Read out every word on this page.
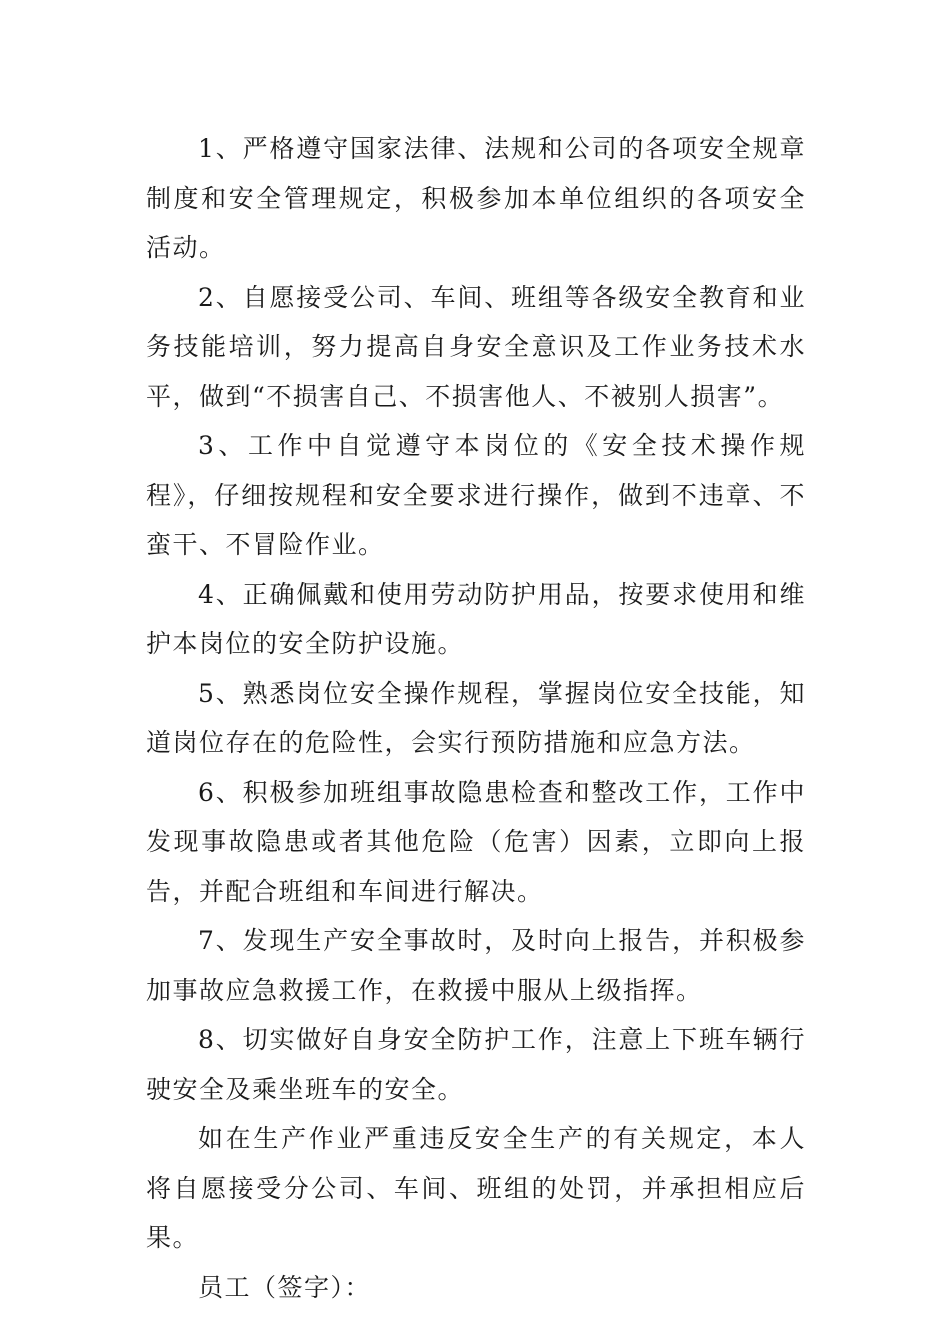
1、严格遵守国家法律、法规和公司的各项安全规章制度和安全管理规定，积极参加本单位组织的各项安全活动。

2、自愿接受公司、车间、班组等各级安全教育和业务技能培训，努力提高自身安全意识及工作业务技术水平，做到“不损害自己、不损害他人、不被别人损害”。

3、工作中自觉遵守本岗位的《安全技术操作规程》，仔细按规程和安全要求进行操作，做到不违章、不蛮干、不冒险作业。

4、正确佩戴和使用劳动防护用品，按要求使用和维护本岗位的安全防护设施。

5、熟悉岗位安全操作规程，掌握岗位安全技能，知道岗位存在的危险性，会实行预防措施和应急方法。

6、积极参加班组事故隐患检查和整改工作，工作中发现事故隐患或者其他危险（危害）因素，立即向上报告，并配合班组和车间进行解决。

7、发现生产安全事故时，及时向上报告，并积极参加事故应急救援工作，在救援中服从上级指挥。

8、切实做好自身安全防护工作，注意上下班车辆行驶安全及乘坐班车的安全。

如在生产作业严重违反安全生产的有关规定，本人将自愿接受分公司、车间、班组的处罚，并承担相应后果。

员工（签字）：
